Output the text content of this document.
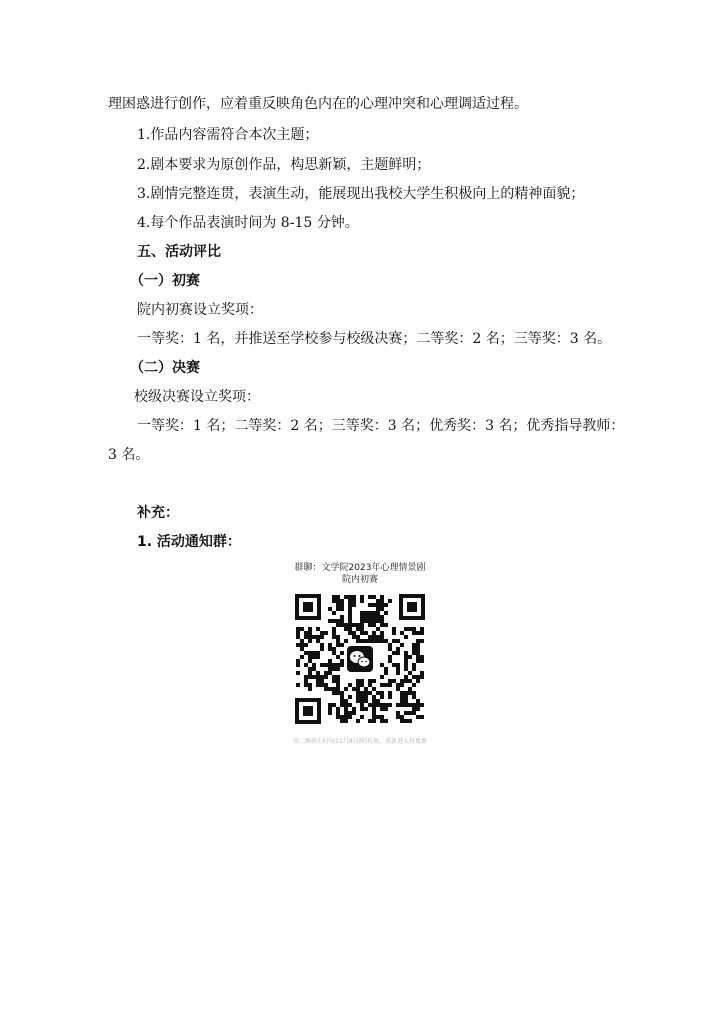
理困惑进行创作，应着重反映角色内在的心理冲突和心理调适过程。
1.作品内容需符合本次主题；
2.剧本要求为原创作品，构思新颖，主题鲜明；
3.剧情完整连贯，表演生动，能展现出我校大学生积极向上的精神面貌；
4.每个作品表演时间为 8-15 分钟。
五、活动评比
（一）初赛
院内初赛设立奖项：
一等奖：1 名，并推送至学校参与校级决赛；二等奖：2 名；三等奖：3 名。
（二）决赛
校级决赛设立奖项：
一等奖：1 名；二等奖：2 名；三等奖：3 名；优秀奖：3 名；优秀指导教师：
3 名。
补充：
1. 活动通知群：
群聊：文学院2023年心理情景剧
院内初赛
该二维码7天内(11月8日前)有效，重新进入将更新
